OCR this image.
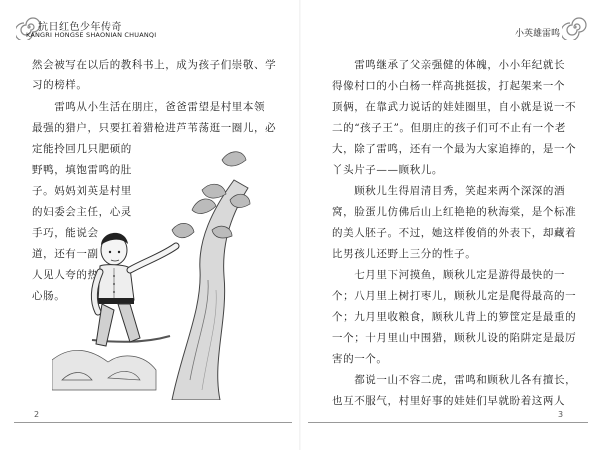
抗日红色少年传奇
KANGRI HONGSE SHAONIAN CHUANQI
然会被写在以后的教科书上，成为孩子们崇敬、学
习的榜样。
　　雷鸣从小生活在朋庄，爸爸雷望是村里本领
最强的猎户，只要扛着猎枪进芦苇荡逛一圈儿，必
定能拎回几只肥硕的
野鸭，填饱雷鸣的肚
子。妈妈刘英是村里
的妇委会主任，心灵
手巧，能说会
道，还有一副
人见人夸的热
心肠。
2
小英雄雷鸣
　　雷鸣继承了父亲强健的体魄，小小年纪就长
得像村口的小白杨一样高挑挺拔，打起架来一个
顶俩，在靠武力说话的娃娃圈里，自小就是说一不
二的“孩子王”。但朋庄的孩子们可不止有一个老
大，除了雷鸣，还有一个最为大家追捧的，是一个
丫头片子——顾秋儿。
　　顾秋儿生得眉清目秀，笑起来两个深深的酒
窝，脸蛋儿仿佛后山上红艳艳的秋海棠，是个标准
的美人胚子。不过，她这样俊俏的外表下，却藏着
比男孩儿还野上三分的性子。
　　七月里下河摸鱼，顾秋儿定是游得最快的一
个；八月里上树打枣儿，顾秋儿定是爬得最高的一
个；九月里收粮食，顾秋儿背上的箩筐定是最重的
一个；十月里山中围猎，顾秋儿设的陷阱定是最厉
害的一个。
　　都说一山不容二虎，雷鸣和顾秋儿各有擅长，
也互不服气，村里好事的娃娃们早就盼着这两人
3
